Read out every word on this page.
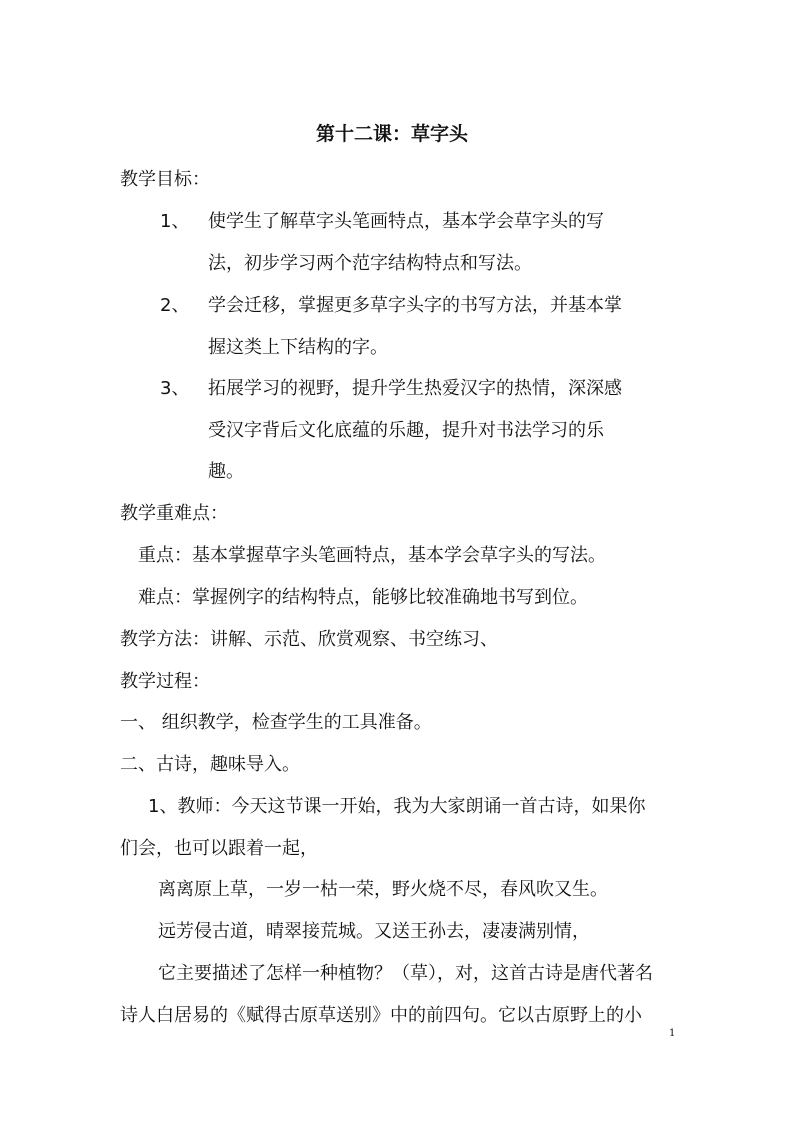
第十二课：草字头
教学目标：
1、 使学生了解草字头笔画特点，基本学会草字头的写
法，初步学习两个范字结构特点和写法。
2、 学会迁移，掌握更多草字头字的书写方法，并基本掌
握这类上下结构的字。
3、 拓展学习的视野，提升学生热爱汉字的热情，深深感
受汉字背后文化底蕴的乐趣，提升对书法学习的乐
趣。
教学重难点：
重点：基本掌握草字头笔画特点，基本学会草字头的写法。
难点：掌握例字的结构特点，能够比较准确地书写到位。
教学方法：讲解、示范、欣赏观察、书空练习、
教学过程：
一、 组织教学，检查学生的工具准备。
二、古诗，趣味导入。
1、教师：今天这节课一开始，我为大家朗诵一首古诗，如果你
们会，也可以跟着一起，
离离原上草，一岁一枯一荣，野火烧不尽，春风吹又生。
远芳侵古道，晴翠接荒城。又送王孙去，凄凄满别情，
它主要描述了怎样一种植物？（草），对，这首古诗是唐代著名
诗人白居易的《赋得古原草送别》中的前四句。它以古原野上的小
1
